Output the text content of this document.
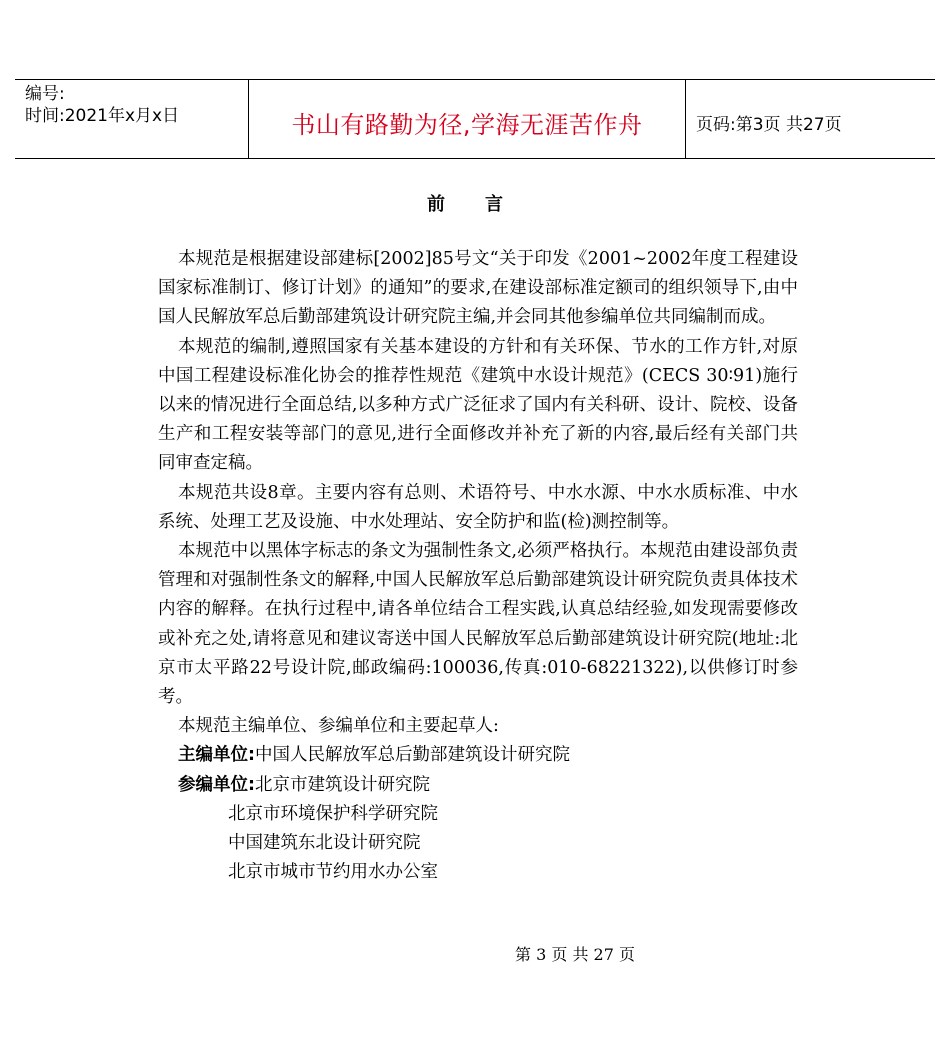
编号:
时间:2021年x月x日	书山有路勤为径,学海无涯苦作舟	页码:第3页 共27页
前言

本规范是根据建设部建标[2002]85号文“关于印发《2001~2002年度工程建设国家标准制订、修订计划》的通知”的要求,在建设部标准定额司的组织领导下,由中国人民解放军总后勤部建筑设计研究院主编,并会同其他参编单位共同编制而成。

本规范的编制,遵照国家有关基本建设的方针和有关环保、节水的工作方针,对原中国工程建设标准化协会的推荐性规范《建筑中水设计规范》(CECS 30∶91)施行以来的情况进行全面总结,以多种方式广泛征求了国内有关科研、设计、院校、设备生产和工程安装等部门的意见,进行全面修改并补充了新的内容,最后经有关部门共同审查定稿。

本规范共设8章。主要内容有总则、术语符号、中水水源、中水水质标准、中水系统、处理工艺及设施、中水处理站、安全防护和监(检)测控制等。

本规范中以黑体字标志的条文为强制性条文,必须严格执行。本规范由建设部负责管理和对强制性条文的解释,中国人民解放军总后勤部建筑设计研究院负责具体技术内容的解释。在执行过程中,请各单位结合工程实践,认真总结经验,如发现需要修改或补充之处,请将意见和建议寄送中国人民解放军总后勤部建筑设计研究院(地址:北京市太平路22号设计院,邮政编码:100036,传真:010-68221322),以供修订时参考。

本规范主编单位、参编单位和主要起草人:
主编单位:中国人民解放军总后勤部建筑设计研究院
参编单位:北京市建筑设计研究院
北京市环境保护科学研究院
中国建筑东北设计研究院
北京市城市节约用水办公室
第 3 页 共 27 页
